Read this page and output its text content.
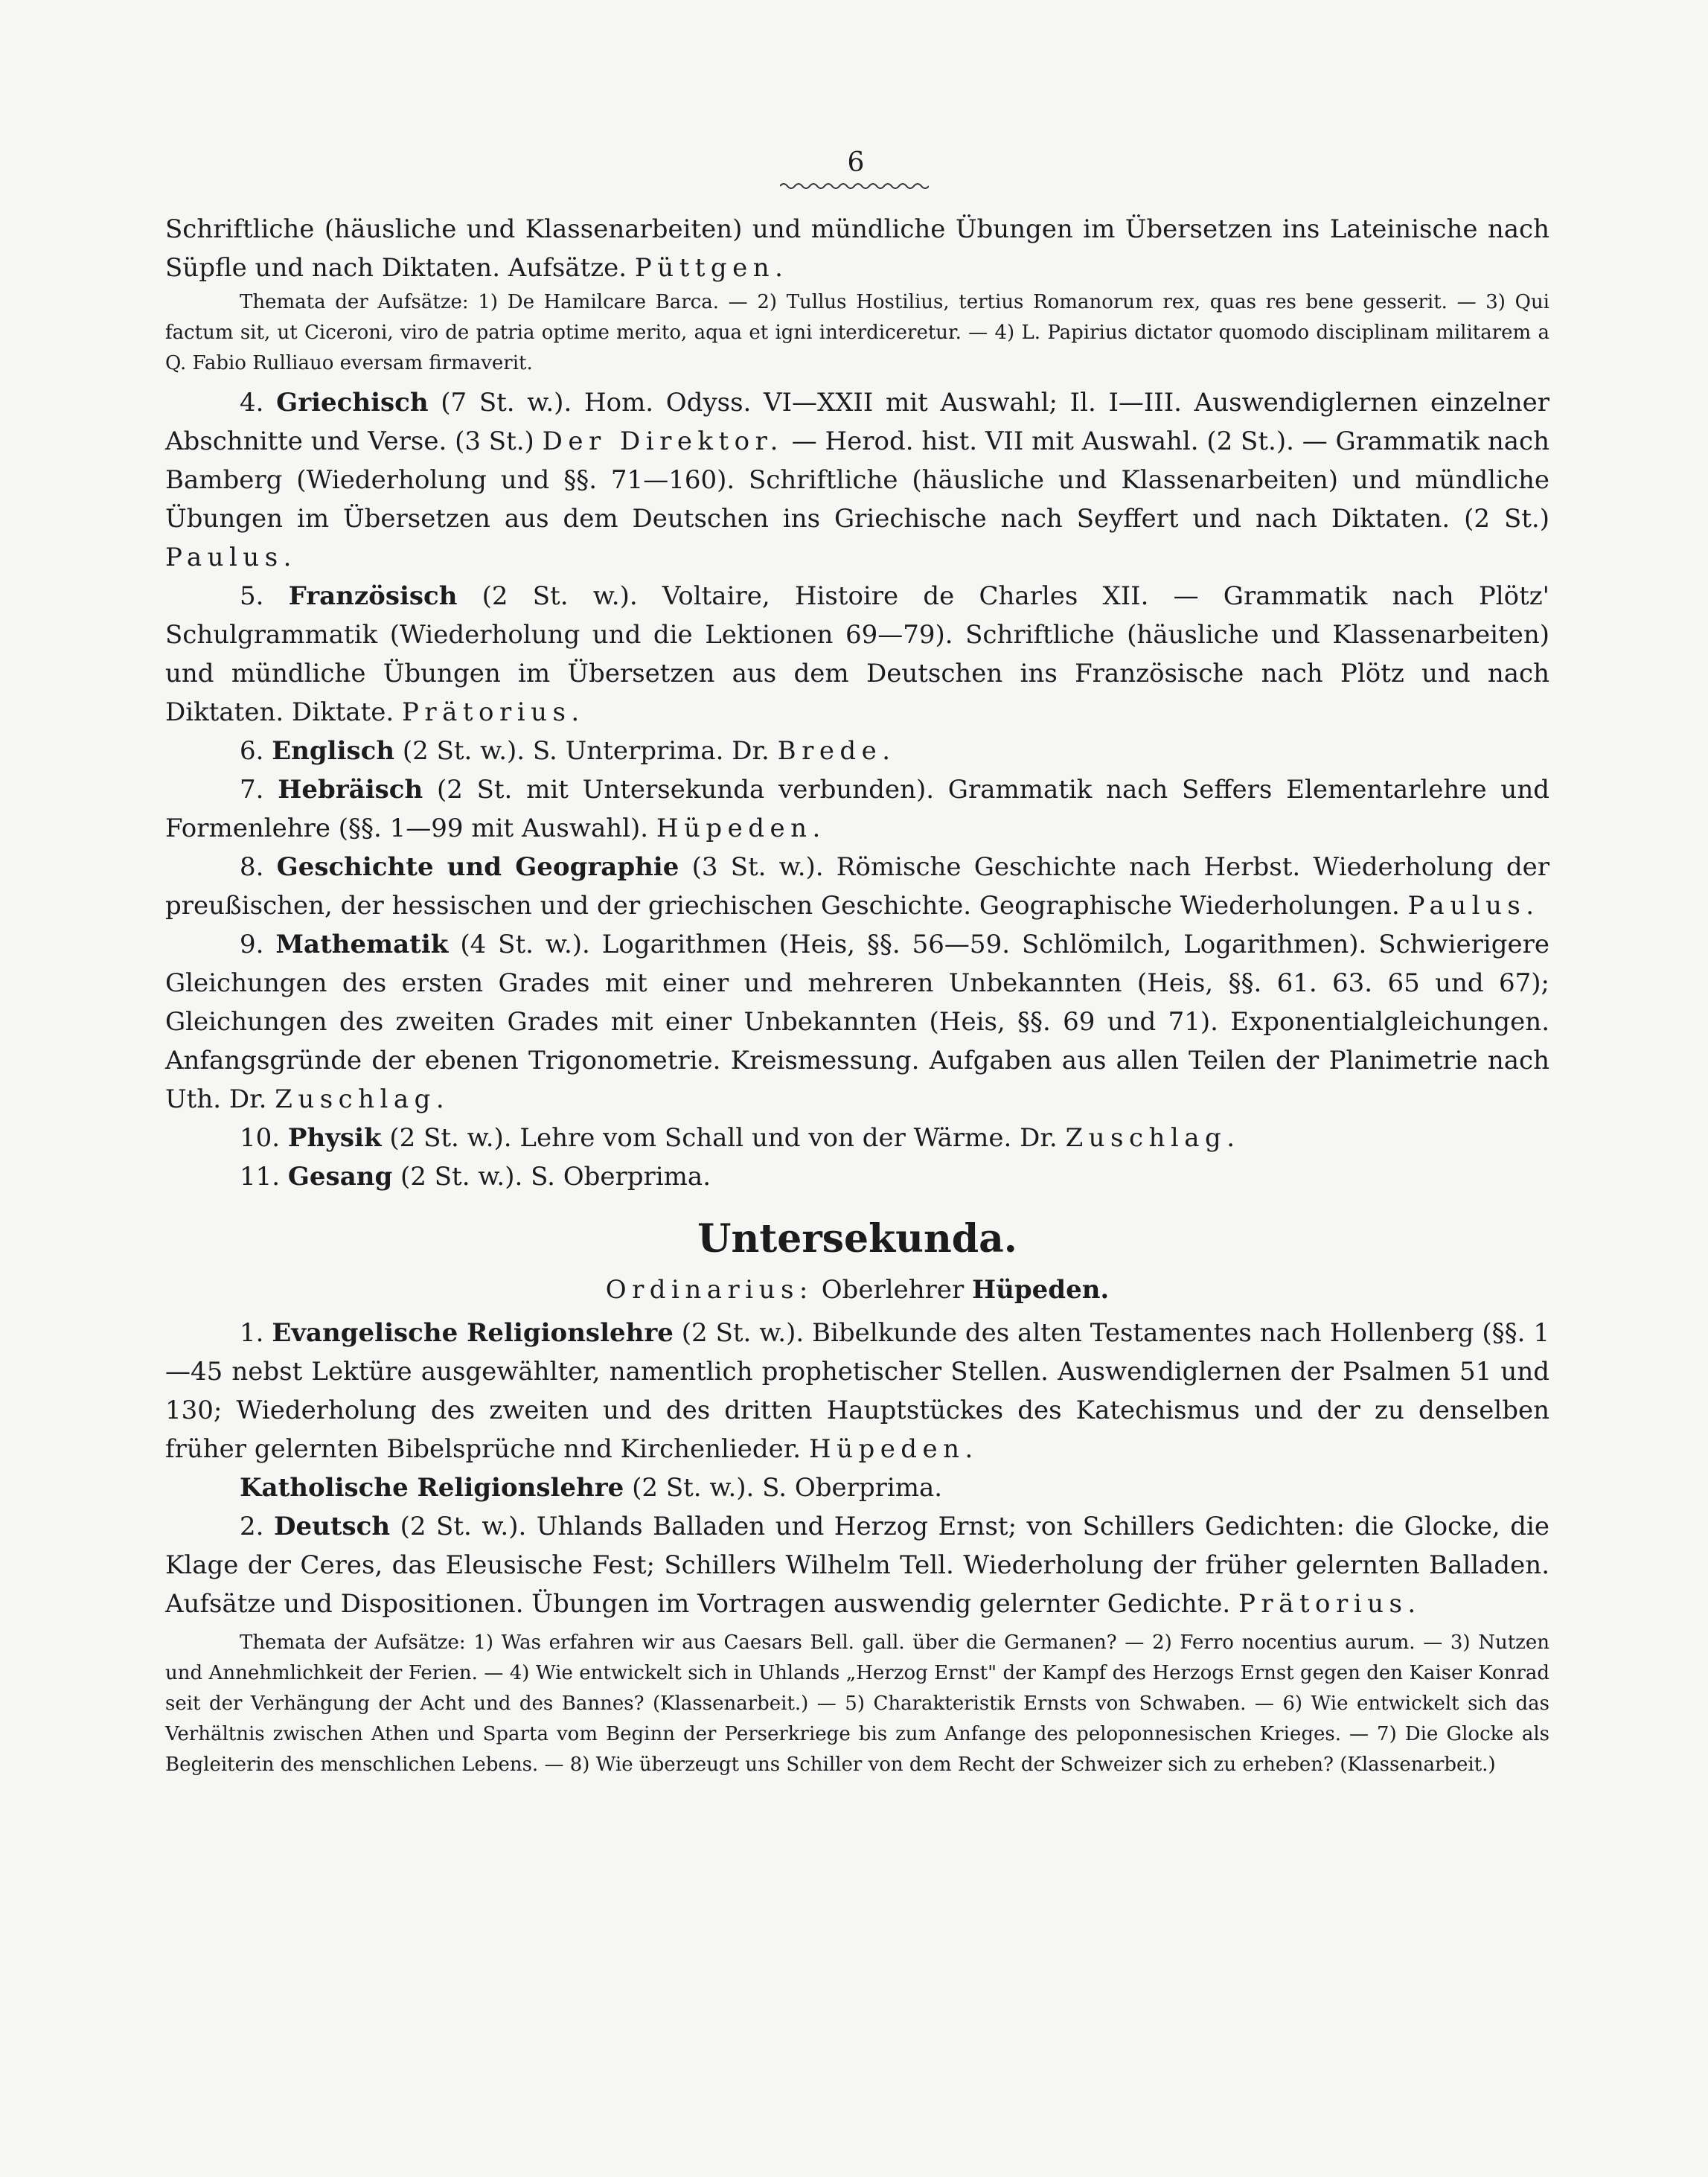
6

Schriftliche (häusliche und Klassenarbeiten) und mündliche Übungen im Übersetzen ins Lateinische nach Süpfle und nach Diktaten. Aufsätze. Püttgen.

Themata der Aufsätze: 1) De Hamilcare Barca. — 2) Tullus Hostilius, tertius Romanorum rex, quas res bene gesserit. — 3) Qui factum sit, ut Ciceroni, viro de patria optime merito, aqua et igni interdiceretur. — 4) L. Papirius dictator quomodo disciplinam militarem a Q. Fabio Rulliauo eversam firmaverit.

4. Griechisch (7 St. w.). Hom. Odyss. VI—XXII mit Auswahl; Il. I—III. Auswendiglernen einzelner Abschnitte und Verse. (3 St.) Der Direktor. — Herod. hist. VII mit Auswahl. (2 St.). — Grammatik nach Bamberg (Wiederholung und §§. 71—160). Schriftliche (häusliche und Klassenarbeiten) und mündliche Übungen im Übersetzen aus dem Deutschen ins Griechische nach Seyffert und nach Diktaten. (2 St.) Paulus.

5. Französisch (2 St. w.). Voltaire, Histoire de Charles XII. — Grammatik nach Plötz' Schulgrammatik (Wiederholung und die Lektionen 69—79). Schriftliche (häusliche und Klassenarbeiten) und mündliche Übungen im Übersetzen aus dem Deutschen ins Französische nach Plötz und nach Diktaten. Diktate. Prätorius.

6. Englisch (2 St. w.). S. Unterprima. Dr. Brede.

7. Hebräisch (2 St. mit Untersekunda verbunden). Grammatik nach Seffers Elementarlehre und Formenlehre (§§. 1—99 mit Auswahl). Hüpeden.

8. Geschichte und Geographie (3 St. w.). Römische Geschichte nach Herbst. Wiederholung der preußischen, der hessischen und der griechischen Geschichte. Geographische Wiederholungen. Paulus.

9. Mathematik (4 St. w.). Logarithmen (Heis, §§. 56—59. Schlömilch, Logarithmen). Schwierigere Gleichungen des ersten Grades mit einer und mehreren Unbekannten (Heis, §§. 61. 63. 65 und 67); Gleichungen des zweiten Grades mit einer Unbekannten (Heis, §§. 69 und 71). Exponentialgleichungen. Anfangsgründe der ebenen Trigonometrie. Kreismessung. Aufgaben aus allen Teilen der Planimetrie nach Uth. Dr. Zuschlag.

10. Physik (2 St. w.). Lehre vom Schall und von der Wärme. Dr. Zuschlag.

11. Gesang (2 St. w.). S. Oberprima.

Untersekunda.
Ordinarius: Oberlehrer Hüpeden.

1. Evangelische Religionslehre (2 St. w.). Bibelkunde des alten Testamentes nach Hollenberg (§§. 1—45 nebst Lektüre ausgewählter, namentlich prophetischer Stellen. Auswendiglernen der Psalmen 51 und 130; Wiederholung des zweiten und des dritten Hauptstückes des Katechismus und der zu denselben früher gelernten Bibelsprüche nnd Kirchenlieder. Hüpeden.

Katholische Religionslehre (2 St. w.). S. Oberprima.

2. Deutsch (2 St. w.). Uhlands Balladen und Herzog Ernst; von Schillers Gedichten: die Glocke, die Klage der Ceres, das Eleusische Fest; Schillers Wilhelm Tell. Wiederholung der früher gelernten Balladen. Aufsätze und Dispositionen. Übungen im Vortragen auswendig gelernter Gedichte. Prätorius.

Themata der Aufsätze: 1) Was erfahren wir aus Caesars Bell. gall. über die Germanen? — 2) Ferro nocentius aurum. — 3) Nutzen und Annehmlichkeit der Ferien. — 4) Wie entwickelt sich in Uhlands „Herzog Ernst" der Kampf des Herzogs Ernst gegen den Kaiser Konrad seit der Verhängung der Acht und des Bannes? (Klassenarbeit.) — 5) Charakteristik Ernsts von Schwaben. — 6) Wie entwickelt sich das Verhältnis zwischen Athen und Sparta vom Beginn der Perserkriege bis zum Anfange des peloponnesischen Krieges. — 7) Die Glocke als Begleiterin des menschlichen Lebens. — 8) Wie überzeugt uns Schiller von dem Recht der Schweizer sich zu erheben? (Klassenarbeit.)
